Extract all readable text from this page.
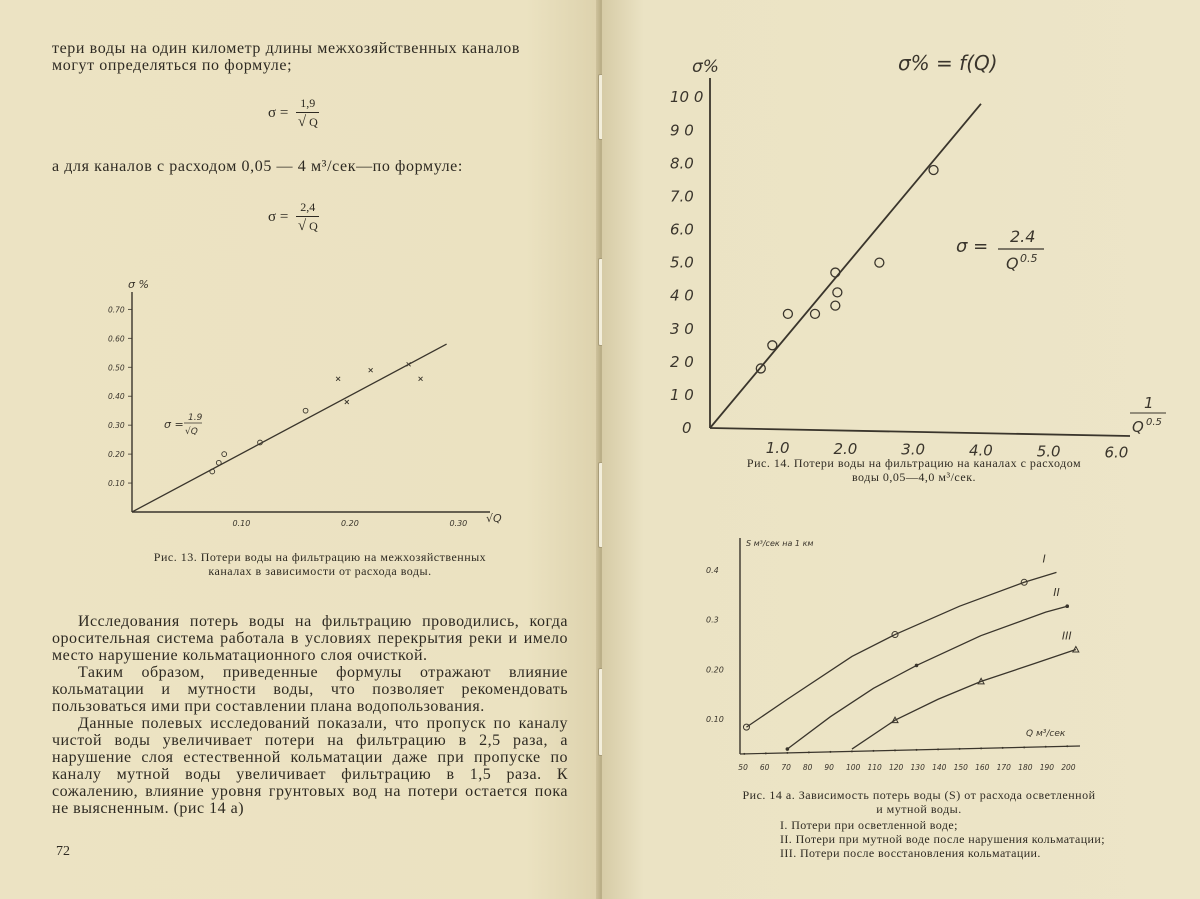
тери воды на один километр длины межхозяйственных каналов
могут определяться по формуле;
$\sigma = \frac{1,9}{√ Q}$
а для каналов с расходом 0,05 — 4 м³/сек—по формуле:
$\sigma = \frac{2,4}{√ Q}$
σ %
√Q
σ = 1.9
√Q
0.10	0.20	0.30
0.10
0.20
0.30
0.40
0.50
0.60
0.70
Рис. 13. Потери воды на фильтрацию на межхозяйственных
каналах в зависимости от расхода воды.

Исследования потерь воды на фильтрацию проводились, когда оросительная система работала в условиях перекрытия реки и имело место нарушение кольматационного слоя очисткой.

Таким образом, приведенные формулы отражают влияние кольматации и мутности воды, что позволяет рекомендовать пользоваться ими при составлении плана водопользования.

Данные полевых исследований показали, что пропуск по каналу чистой воды увеличивает потери на фильтрацию в 2,5 раза, а нарушение слоя естественной кольматации даже при пропуске по каналу мутной воды увеличивает фильтрацию в 1,5 раза. К сожалению, влияние уровня грунтовых вод на потери остается пока не выясненным. (рис 14 а)

72
σ%	σ% = f(Q)
σ = 2.4
Q 0.5
1
Q 0.5
1.0	2.0	3.0	4.0	5.0	6.0
0
1 0
2 0
3 0
4 0
5.0
6.0
7.0
8.0
9 0
10 0
Рис. 14. Потери воды на фильтрацию на каналах с расходом
воды 0,05—4,0 м³/сек.
S м³/сек на 1 км
Q м³/сек
50 60 70 80 90 100 110 120 130 140 150 160 170 180 190 200
0.10
0.20
0.3
0.4
I
II
III
Рис. 14 а. Зависимость потерь воды (S) от расхода осветленной
и мутной воды.
I. Потери при осветленной воде;
II. Потери при мутной воде после нарушения кольматации;
III. Потери после восстановления кольматации.
